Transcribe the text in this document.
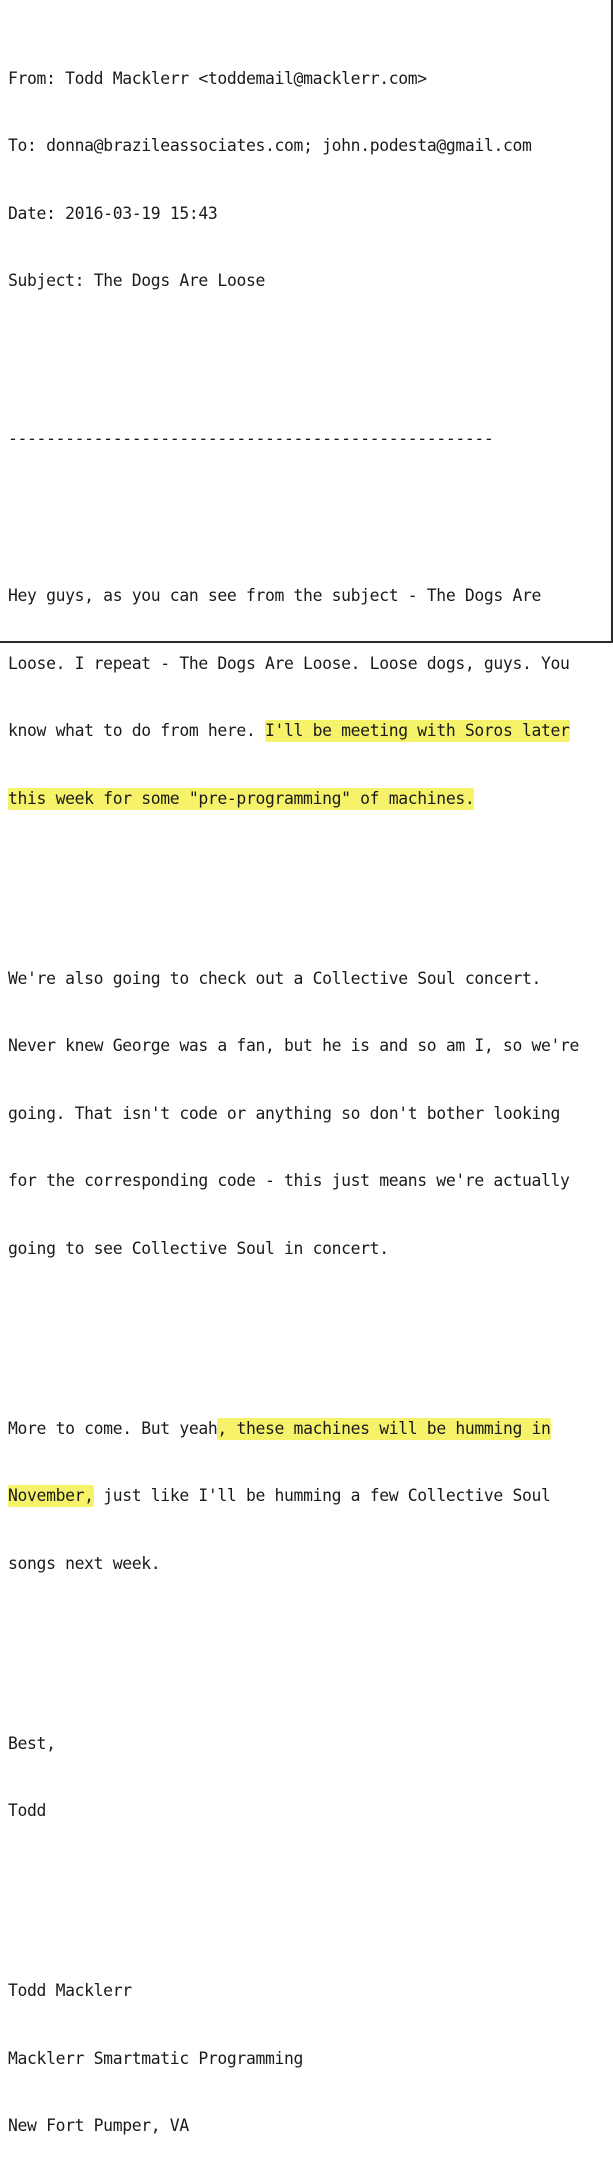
From: Todd Macklerr <toddemail@macklerr.com>

To: donna@brazileassociates.com; john.podesta@gmail.com

Date: 2016-03-19 15:43

Subject: The Dogs Are Loose

---------------------------------------------------

Hey guys, as you can see from the subject - The Dogs Are

Loose. I repeat - The Dogs Are Loose. Loose dogs, guys. You

know what to do from here. I'll be meeting with Soros later

this week for some "pre-programming" of machines.

We're also going to check out a Collective Soul concert.

Never knew George was a fan, but he is and so am I, so we're

going. That isn't code or anything so don't bother looking

for the corresponding code - this just means we're actually

going to see Collective Soul in concert.

More to come. But yeah, these machines will be humming in

November, just like I'll be humming a few Collective Soul

songs next week.

Best,

Todd

Todd Macklerr

Macklerr Smartmatic Programming

New Fort Pumper, VA
